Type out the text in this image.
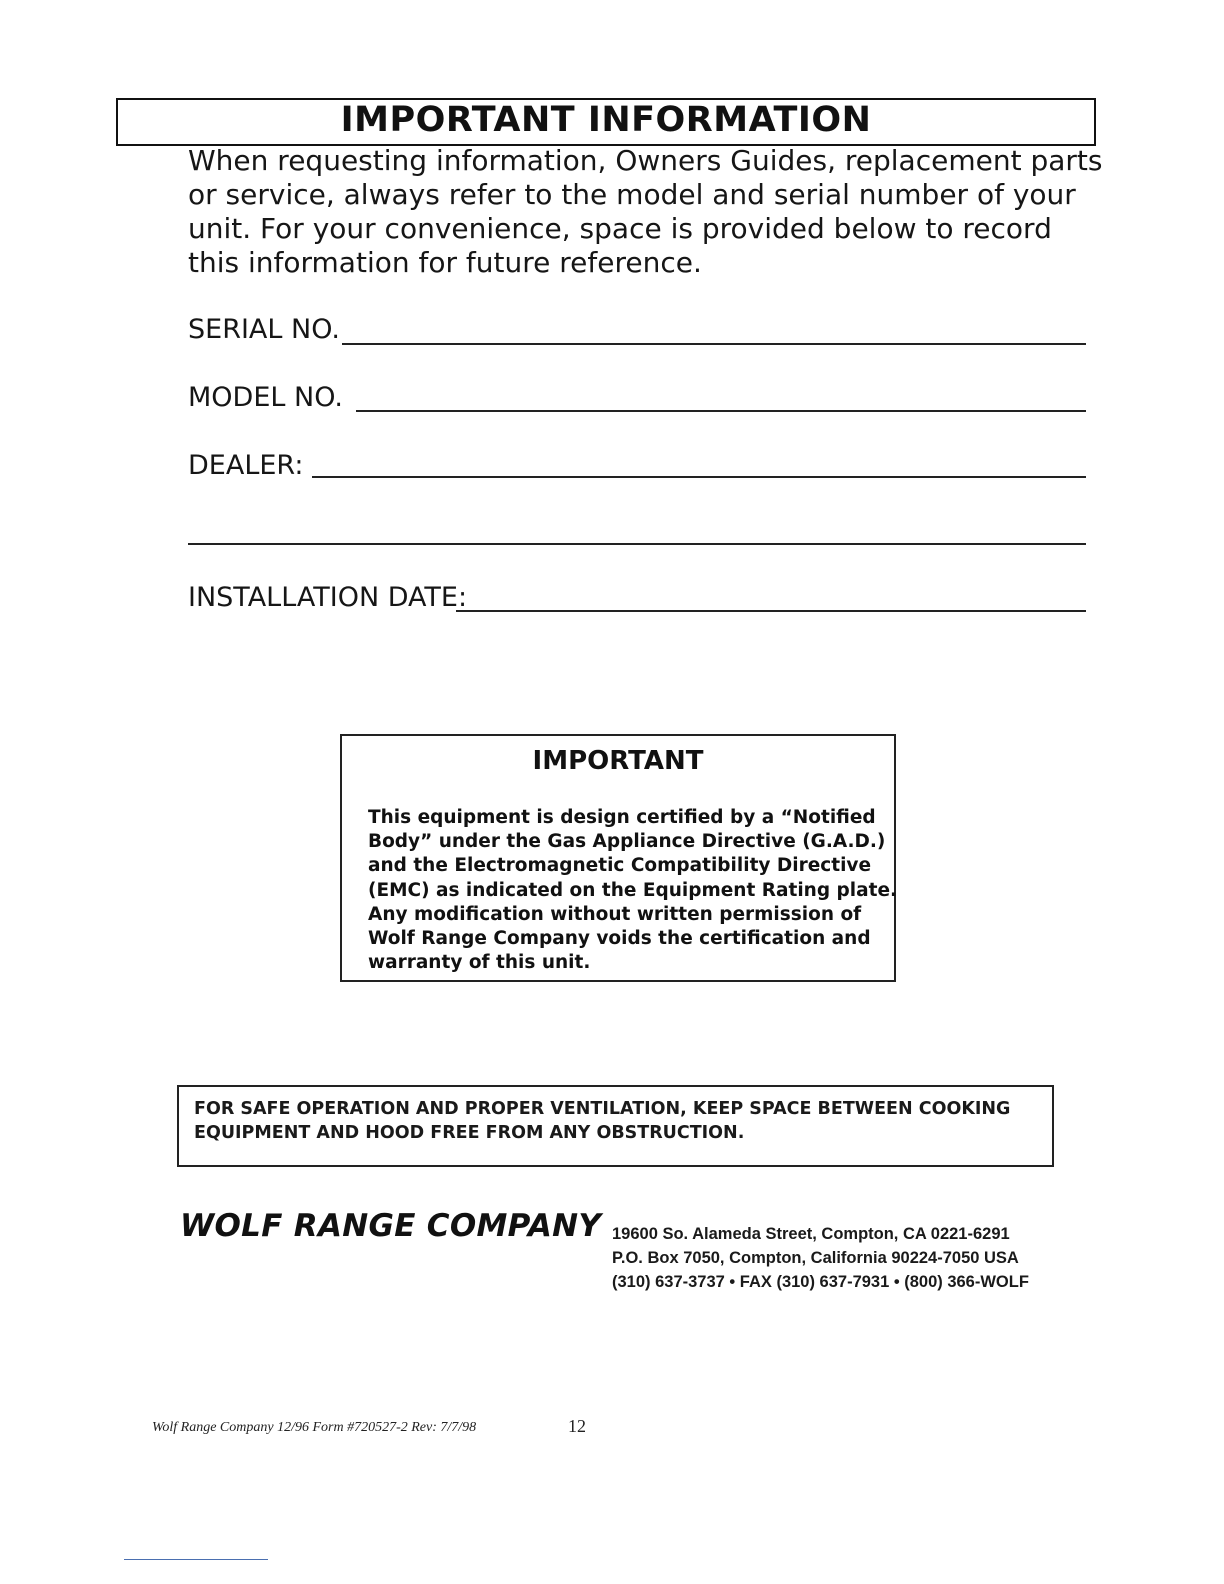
IMPORTANT INFORMATION
When requesting information, Owners Guides, replacement parts
or service, always refer to the model and serial number of your
unit. For your convenience, space is provided below to record
this information for future reference.
SERIAL NO.
MODEL NO.
DEALER:
INSTALLATION DATE:
IMPORTANT
This equipment is design certified by a “Notified
Body” under the Gas Appliance Directive (G.A.D.)
and the Electromagnetic Compatibility Directive
(EMC) as indicated on the Equipment Rating plate.
Any modification without written permission of
Wolf Range Company voids the certification and
warranty of this unit.
FOR SAFE OPERATION AND PROPER VENTILATION, KEEP SPACE BETWEEN COOKING
EQUIPMENT AND HOOD FREE FROM ANY OBSTRUCTION.
WOLF RANGE COMPANY 19600 So. Alameda Street, Compton, CA 0221-6291
P.O. Box 7050, Compton, California 90224-7050 USA
(310) 637-3737 • FAX (310) 637-7931 • (800) 366-WOLF
Wolf Range Company 12/96 Form #720527-2 Rev: 7/7/98	12
